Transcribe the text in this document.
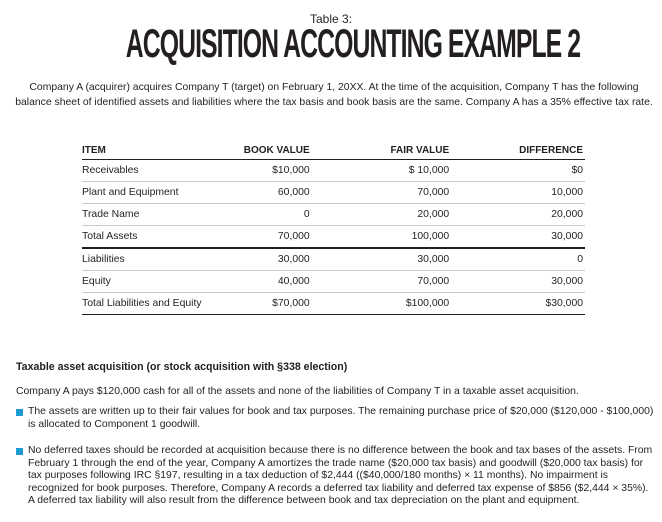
Table 3:
ACQUISITION ACCOUNTING EXAMPLE 2
Company A (acquirer) acquires Company T (target) on February 1, 20XX. At the time of the acquisition, Company T has the following balance sheet of identified assets and liabilities where the tax basis and book basis are the same. Company A has a 35% effective tax rate.
ITEM	BOOK VALUE	FAIR VALUE	DIFFERENCE
Receivables	$10,000	$ 10,000	$0
Plant and Equipment	60,000	70,000	10,000
Trade Name	0	20,000	20,000
Total Assets	70,000	100,000	30,000
Liabilities	30,000	30,000	0
Equity	40,000	70,000	30,000
Total Liabilities and Equity	$70,000	$100,000	$30,000
Taxable asset acquisition (or stock acquisition with §338 election)
Company A pays $120,000 cash for all of the assets and none of the liabilities of Company T in a taxable asset acquisition.
The assets are written up to their fair values for book and tax purposes. The remaining purchase price of $20,000 ($120,000 - $100,000) is allocated to Component 1 goodwill.
No deferred taxes should be recorded at acquisition because there is no difference between the book and tax bases of the assets. From February 1 through the end of the year, Company A amortizes the trade name ($20,000 tax basis) and goodwill ($20,000 tax basis) for tax purposes following IRC §197, resulting in a tax deduction of $2,444 (($40,000/180 months) × 11 months). No impairment is recognized for book purposes. Therefore, Company A records a deferred tax liability and deferred tax expense of $856 ($2,444 × 35%). A deferred tax liability will also result from the difference between book and tax depreciation on the plant and equipment.
